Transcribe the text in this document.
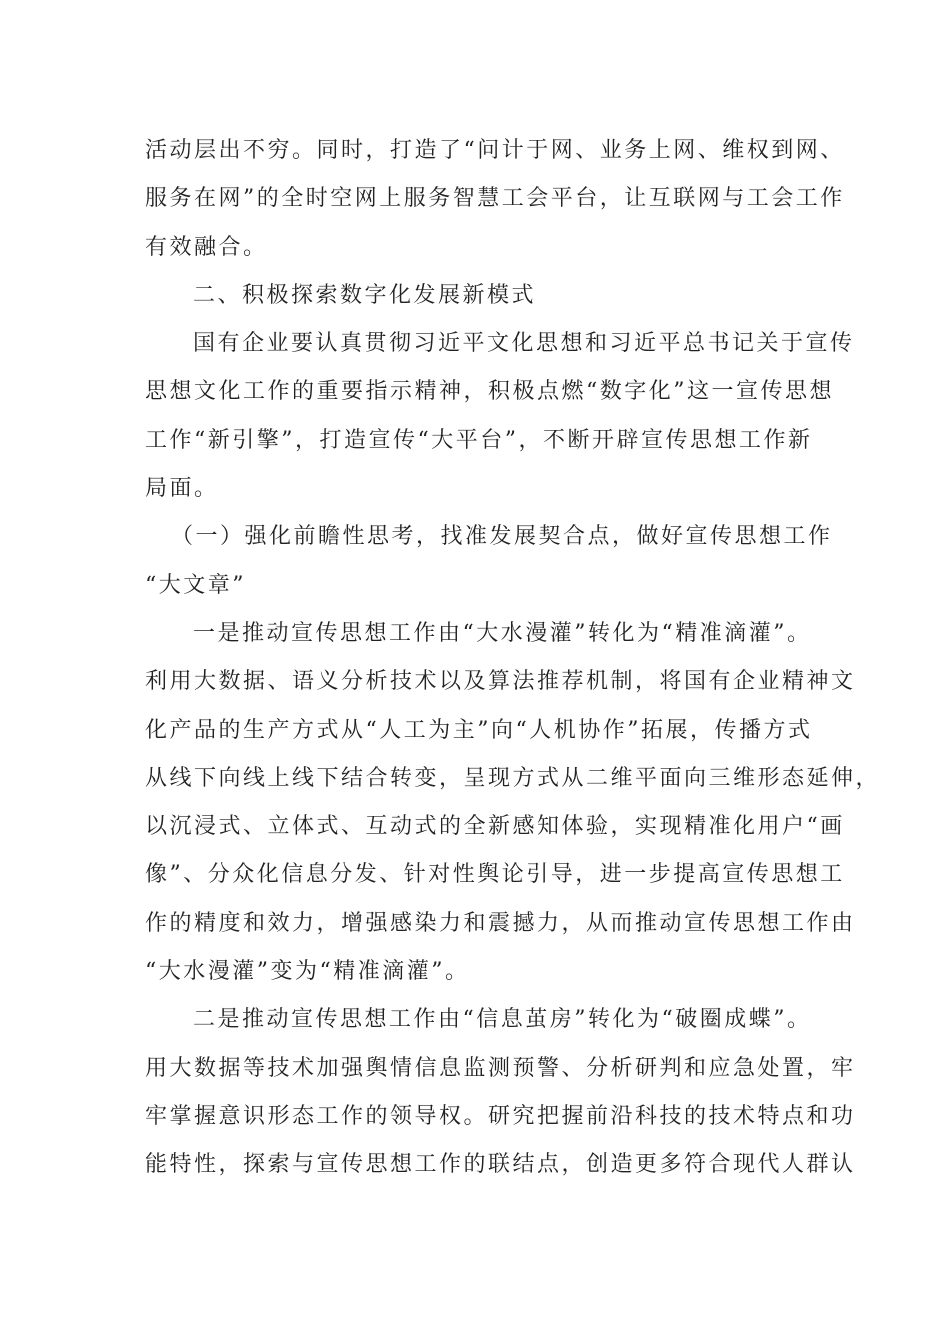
活动层出不穷。同时，打造了“问计于网、业务上网、维权到网、
服务在网”的全时空网上服务智慧工会平台，让互联网与工会工作
有效融合。

二、积极探索数字化发展新模式

国有企业要认真贯彻习近平文化思想和习近平总书记关于宣传
思想文化工作的重要指示精神，积极点燃“数字化”这一宣传思想
工作“新引擎”，打造宣传“大平台”，不断开辟宣传思想工作新
局面。

（一）强化前瞻性思考，找准发展契合点，做好宣传思想工作
“大文章”

一是推动宣传思想工作由“大水漫灌”转化为“精准滴灌”。
利用大数据、语义分析技术以及算法推荐机制，将国有企业精神文
化产品的生产方式从“人工为主”向“人机协作”拓展，传播方式
从线下向线上线下结合转变，呈现方式从二维平面向三维形态延伸，
以沉浸式、立体式、互动式的全新感知体验，实现精准化用户“画
像”、分众化信息分发、针对性舆论引导，进一步提高宣传思想工
作的精度和效力，增强感染力和震撼力，从而推动宣传思想工作由
“大水漫灌”变为“精准滴灌”。

二是推动宣传思想工作由“信息茧房”转化为“破圈成蝶”。
用大数据等技术加强舆情信息监测预警、分析研判和应急处置，牢
牢掌握意识形态工作的领导权。研究把握前沿科技的技术特点和功
能特性，探索与宣传思想工作的联结点，创造更多符合现代人群认
